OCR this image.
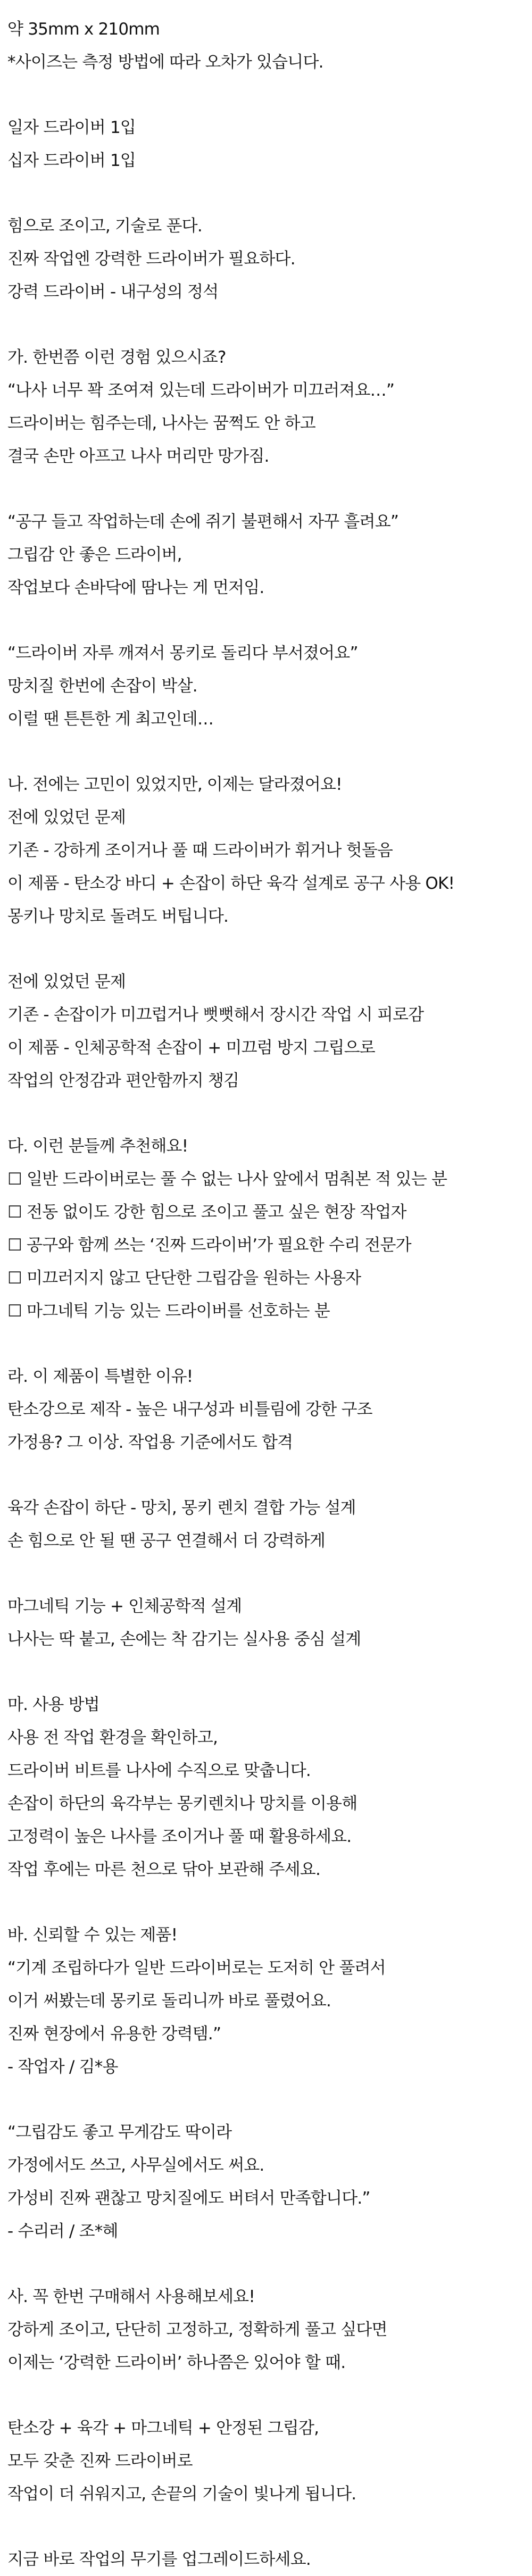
약 35mm x 210mm
*사이즈는 측정 방법에 따라 오차가 있습니다.
일자 드라이버 1입
십자 드라이버 1입
힘으로 조이고, 기술로 푼다.
진짜 작업엔 강력한 드라이버가 필요하다.
강력 드라이버 - 내구성의 정석
가. 한번쯤 이런 경험 있으시죠?
“나사 너무 꽉 조여져 있는데 드라이버가 미끄러져요…”
드라이버는 힘주는데, 나사는 꿈쩍도 안 하고
결국 손만 아프고 나사 머리만 망가짐.
“공구 들고 작업하는데 손에 쥐기 불편해서 자꾸 흘려요”
그립감 안 좋은 드라이버,
작업보다 손바닥에 땀나는 게 먼저임.
“드라이버 자루 깨져서 몽키로 돌리다 부서졌어요”
망치질 한번에 손잡이 박살.
이럴 땐 튼튼한 게 최고인데…
나. 전에는 고민이 있었지만, 이제는 달라졌어요!
전에 있었던 문제
기존 - 강하게 조이거나 풀 때 드라이버가 휘거나 헛돌음
이 제품 - 탄소강 바디 + 손잡이 하단 육각 설계로 공구 사용 OK!
몽키나 망치로 돌려도 버팁니다.
전에 있었던 문제
기존 - 손잡이가 미끄럽거나 뻣뻣해서 장시간 작업 시 피로감
이 제품 - 인체공학적 손잡이 + 미끄럼 방지 그립으로
작업의 안정감과 편안함까지 챙김
다. 이런 분들께 추천해요!
☐ 일반 드라이버로는 풀 수 없는 나사 앞에서 멈춰본 적 있는 분
☐ 전동 없이도 강한 힘으로 조이고 풀고 싶은 현장 작업자
☐ 공구와 함께 쓰는 ‘진짜 드라이버’가 필요한 수리 전문가
☐ 미끄러지지 않고 단단한 그립감을 원하는 사용자
☐ 마그네틱 기능 있는 드라이버를 선호하는 분
라. 이 제품이 특별한 이유!
탄소강으로 제작 - 높은 내구성과 비틀림에 강한 구조
가정용? 그 이상. 작업용 기준에서도 합격
육각 손잡이 하단 - 망치, 몽키 렌치 결합 가능 설계
손 힘으로 안 될 땐 공구 연결해서 더 강력하게
마그네틱 기능 + 인체공학적 설계
나사는 딱 붙고, 손에는 착 감기는 실사용 중심 설계
마. 사용 방법
사용 전 작업 환경을 확인하고,
드라이버 비트를 나사에 수직으로 맞춥니다.
손잡이 하단의 육각부는 몽키렌치나 망치를 이용해
고정력이 높은 나사를 조이거나 풀 때 활용하세요.
작업 후에는 마른 천으로 닦아 보관해 주세요.
바. 신뢰할 수 있는 제품!
“기계 조립하다가 일반 드라이버로는 도저히 안 풀려서
이거 써봤는데 몽키로 돌리니까 바로 풀렸어요.
진짜 현장에서 유용한 강력템.”
- 작업자 / 김*용
“그립감도 좋고 무게감도 딱이라
가정에서도 쓰고, 사무실에서도 써요.
가성비 진짜 괜찮고 망치질에도 버텨서 만족합니다.”
- 수리러 / 조*혜
사. 꼭 한번 구매해서 사용해보세요!
강하게 조이고, 단단히 고정하고, 정확하게 풀고 싶다면
이제는 ‘강력한 드라이버’ 하나쯤은 있어야 할 때.
탄소강 + 육각 + 마그네틱 + 안정된 그립감,
모두 갖춘 진짜 드라이버로
작업이 더 쉬워지고, 손끝의 기술이 빛나게 됩니다.
지금 바로 작업의 무기를 업그레이드하세요.
